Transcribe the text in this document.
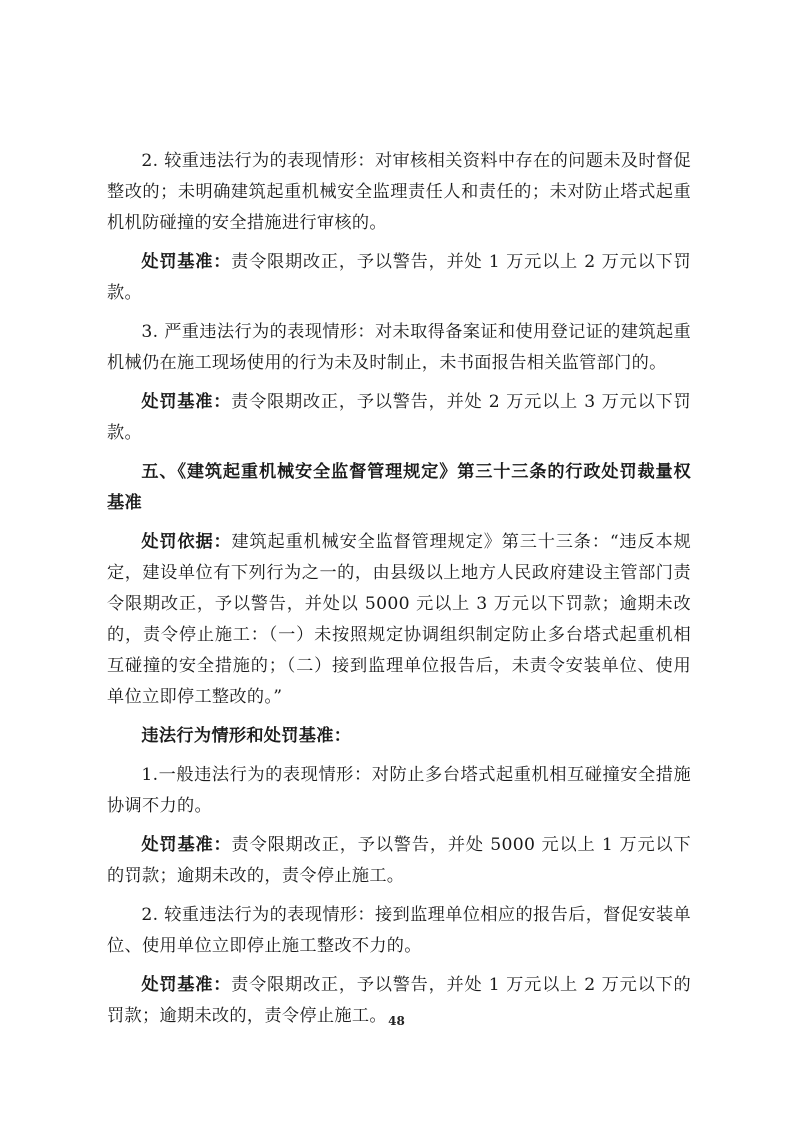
2. 较重违法行为的表现情形：对审核相关资料中存在的问题未及时督促整改的；未明确建筑起重机械安全监理责任人和责任的；未对防止塔式起重机机防碰撞的安全措施进行审核的。

处罚基准：责令限期改正，予以警告，并处 1 万元以上 2 万元以下罚款。

3. 严重违法行为的表现情形：对未取得备案证和使用登记证的建筑起重机械仍在施工现场使用的行为未及时制止，未书面报告相关监管部门的。

处罚基准：责令限期改正，予以警告，并处 2 万元以上 3 万元以下罚款。

五、《建筑起重机械安全监督管理规定》第三十三条的行政处罚裁量权基准

处罚依据：建筑起重机械安全监督管理规定》第三十三条：“违反本规定，建设单位有下列行为之一的，由县级以上地方人民政府建设主管部门责令限期改正，予以警告，并处以 5000 元以上 3 万元以下罚款；逾期未改的，责令停止施工：（一）未按照规定协调组织制定防止多台塔式起重机相互碰撞的安全措施的；（二）接到监理单位报告后，未责令安装单位、使用单位立即停工整改的。”

违法行为情形和处罚基准：

1.一般违法行为的表现情形：对防止多台塔式起重机相互碰撞安全措施协调不力的。

处罚基准：责令限期改正，予以警告，并处 5000 元以上 1 万元以下的罚款；逾期未改的，责令停止施工。

2. 较重违法行为的表现情形：接到监理单位相应的报告后，督促安装单位、使用单位立即停止施工整改不力的。

处罚基准：责令限期改正，予以警告，并处 1 万元以上 2 万元以下的罚款；逾期未改的，责令停止施工。 48
